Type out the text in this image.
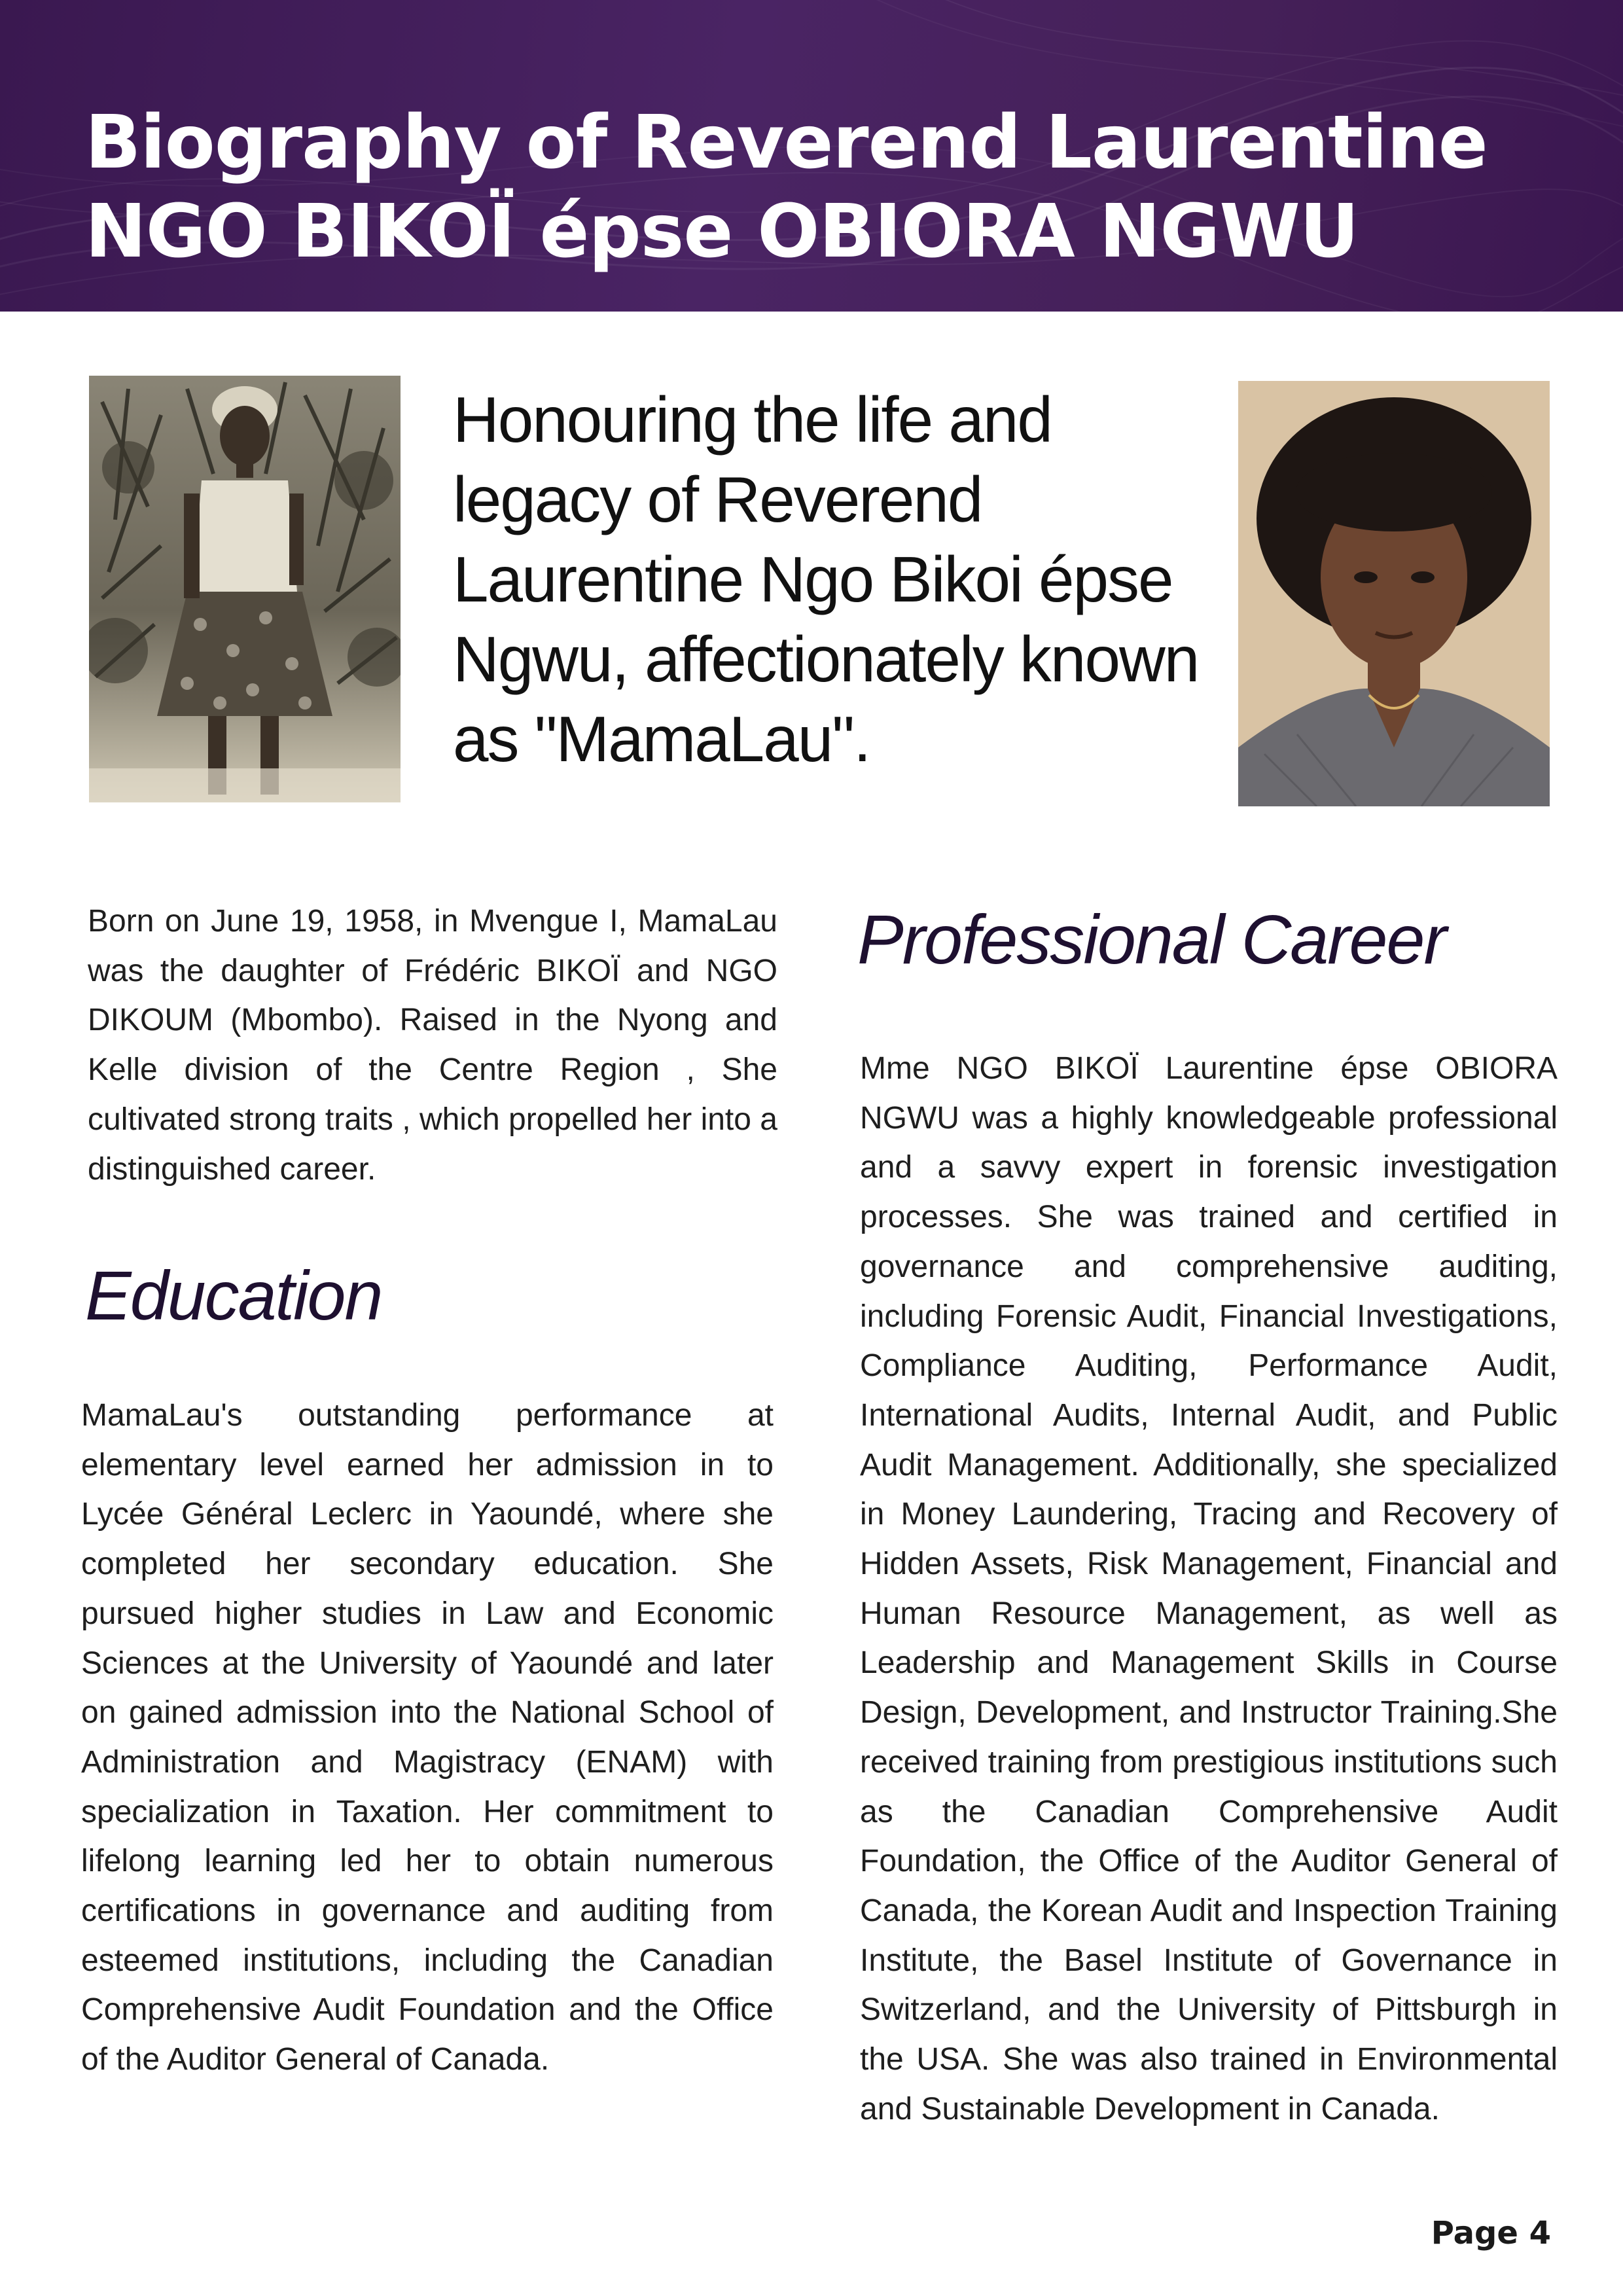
Biography of Reverend Laurentine NGO BIKOÏ épse OBIORA NGWU

Honouring the life and legacy of Reverend Laurentine Ngo Bikoi épse Ngwu, affectionately known as "MamaLau".

Born on June 19, 1958, in Mvengue I, MamaLau was the daughter of Frédéric BIKOÏ and NGO DIKOUM (Mbombo). Raised in the Nyong and Kelle division of the Centre Region , She cultivated strong traits , which propelled her into a distinguished career.

Education

MamaLau's outstanding performance at elementary level earned her admission in to Lycée Général Leclerc in Yaoundé, where she completed her secondary education. She pursued higher studies in Law and Economic Sciences at the University of Yaoundé and later on gained admission into the National School of Administration and Magistracy (ENAM) with specialization in Taxation. Her commitment to lifelong learning led her to obtain numerous certifications in governance and auditing from esteemed institutions, including the Canadian Comprehensive Audit Foundation and the Office of the Auditor General of Canada.

Professional Career

Mme NGO BIKOÏ Laurentine épse OBIORA NGWU was a highly knowledgeable professional and a savvy expert in forensic investigation processes. She was trained and certified in governance and comprehensive auditing, including Forensic Audit, Financial Investigations, Compliance Auditing, Performance Audit, International Audits, Internal Audit, and Public Audit Management. Additionally, she specialized in Money Laundering, Tracing and Recovery of Hidden Assets, Risk Management, Financial and Human Resource Management, as well as Leadership and Management Skills in Course Design, Development, and Instructor Training.She received training from prestigious institutions such as the Canadian Comprehensive Audit Foundation, the Office of the Auditor General of Canada, the Korean Audit and Inspection Training Institute, the Basel Institute of Governance in Switzerland, and the University of Pittsburgh in the USA. She was also trained in Environmental and Sustainable Development in Canada.

Page 4
